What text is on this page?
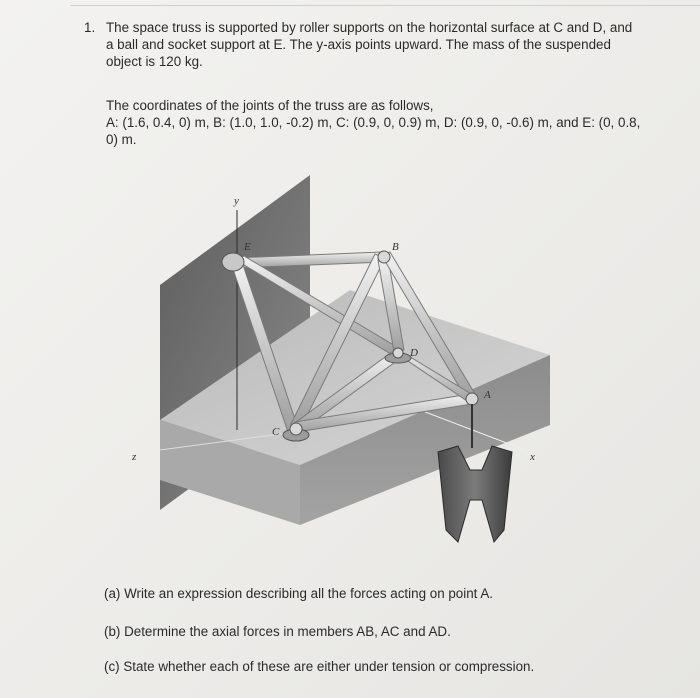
1. The space truss is supported by roller supports on the horizontal surface at C and D, and a ball and socket support at E. The y-axis points upward. The mass of the suspended object is 120 kg.
The coordinates of the joints of the truss are as follows,
A: (1.6, 0.4, 0) m, B: (1.0, 1.0, -0.2) m, C: (0.9, 0, 0.9) m, D: (0.9, 0, -0.6) m, and E: (0, 0.8, 0) m.
y
E	B
D
A
C
z	x
(a) Write an expression describing all the forces acting on point A.
(b) Determine the axial forces in members AB, AC and AD.
(c) State whether each of these are either under tension or compression.
